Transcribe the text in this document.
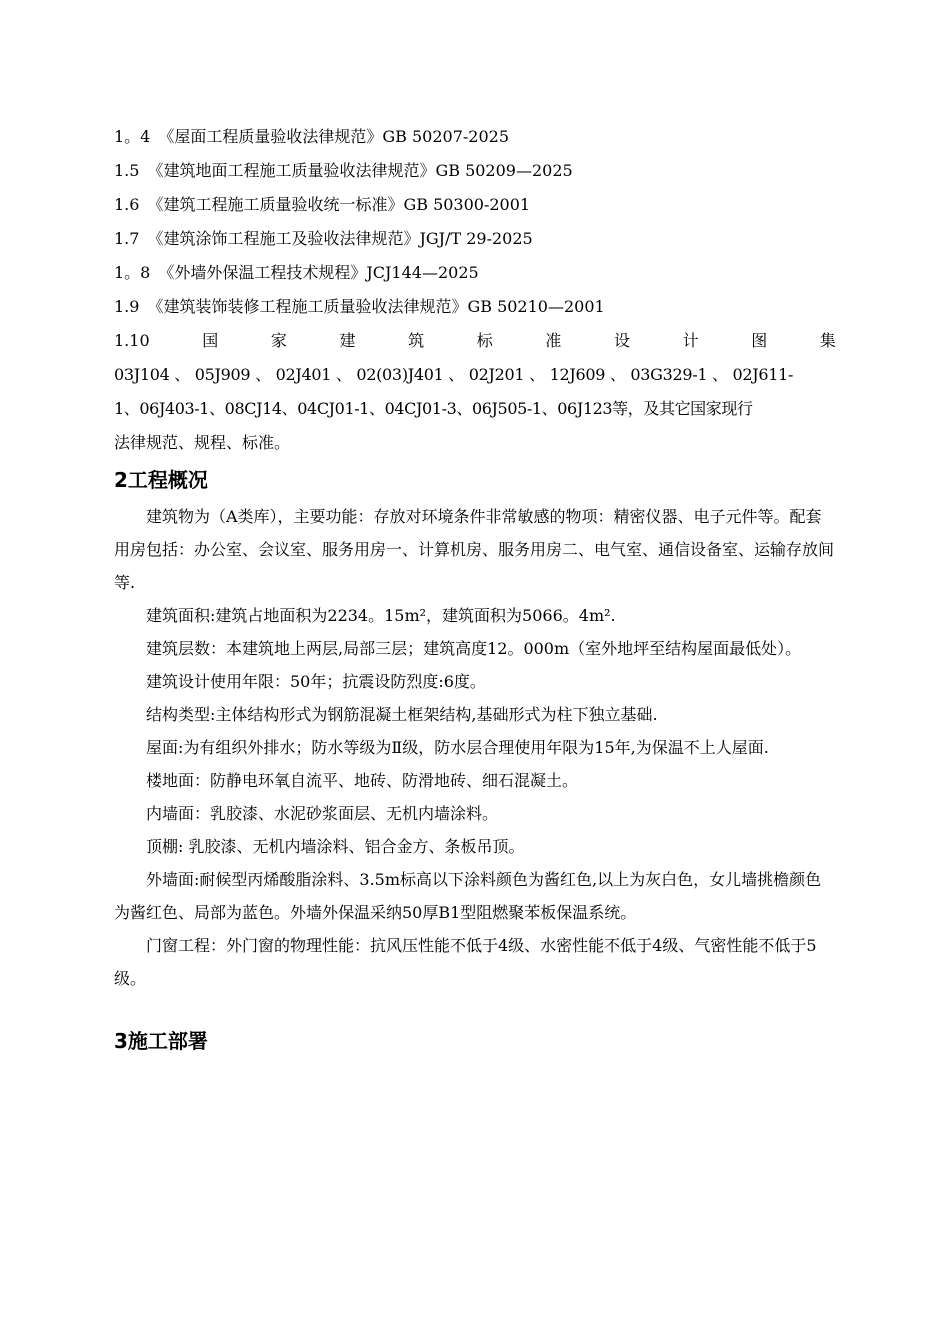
1。4　《屋面工程质量验收法律规范》GB 50207-2025
1.5　《建筑地面工程施工质量验收法律规范》GB 50209—2025
1.6　《建筑工程施工质量验收统一标准》GB 50300-2001
1.7　《建筑涂饰工程施工及验收法律规范》JGJ/T 29-2025
1。8　《外墙外保温工程技术规程》JCJ144—2025
1.9　《建筑装饰装修工程施工质量验收法律规范》GB 50210—2001
1.10	国	家	建	筑	标	准	设	计	图	集
03J104 、 05J909 、 02J401 、 02(03)J401 、 02J201 、 12J609 、 03G329-1 、 02J611-
1、06J403-1、08CJ14、04CJ01-1、04CJ01-3、06J505-1、06J123等，及其它国家现行
法律规范、规程、标准。
2工程概况
建筑物为（A类库），主要功能：存放对环境条件非常敏感的物项：精密仪器、电子元件等。配套用房包括：办公室、会议室、服务用房一、计算机房、服务用房二、电气室、通信设备室、运输存放间等.
建筑面积:建筑占地面积为2234。15m²，建筑面积为5066。4m².
建筑层数：本建筑地上两层,局部三层；建筑高度12。000m（室外地坪至结构屋面最低处）。
建筑设计使用年限：50年；抗震设防烈度:6度。
结构类型:主体结构形式为钢筋混凝土框架结构,基础形式为柱下独立基础.
屋面:为有组织外排水；防水等级为Ⅱ级，防水层合理使用年限为15年,为保温不上人屋面.
楼地面：防静电环氧自流平、地砖、防滑地砖、细石混凝土。
内墙面：乳胶漆、水泥砂浆面层、无机内墙涂料。
顶棚: 乳胶漆、无机内墙涂料、铝合金方、条板吊顶。
外墙面:耐候型丙烯酸脂涂料、3.5m标高以下涂料颜色为酱红色,以上为灰白色，女儿墙挑檐颜色为酱红色、局部为蓝色。外墙外保温采纳50厚B1型阻燃聚苯板保温系统。
门窗工程：外门窗的物理性能：抗风压性能不低于4级、水密性能不低于4级、气密性能不低于5级。
3施工部署
